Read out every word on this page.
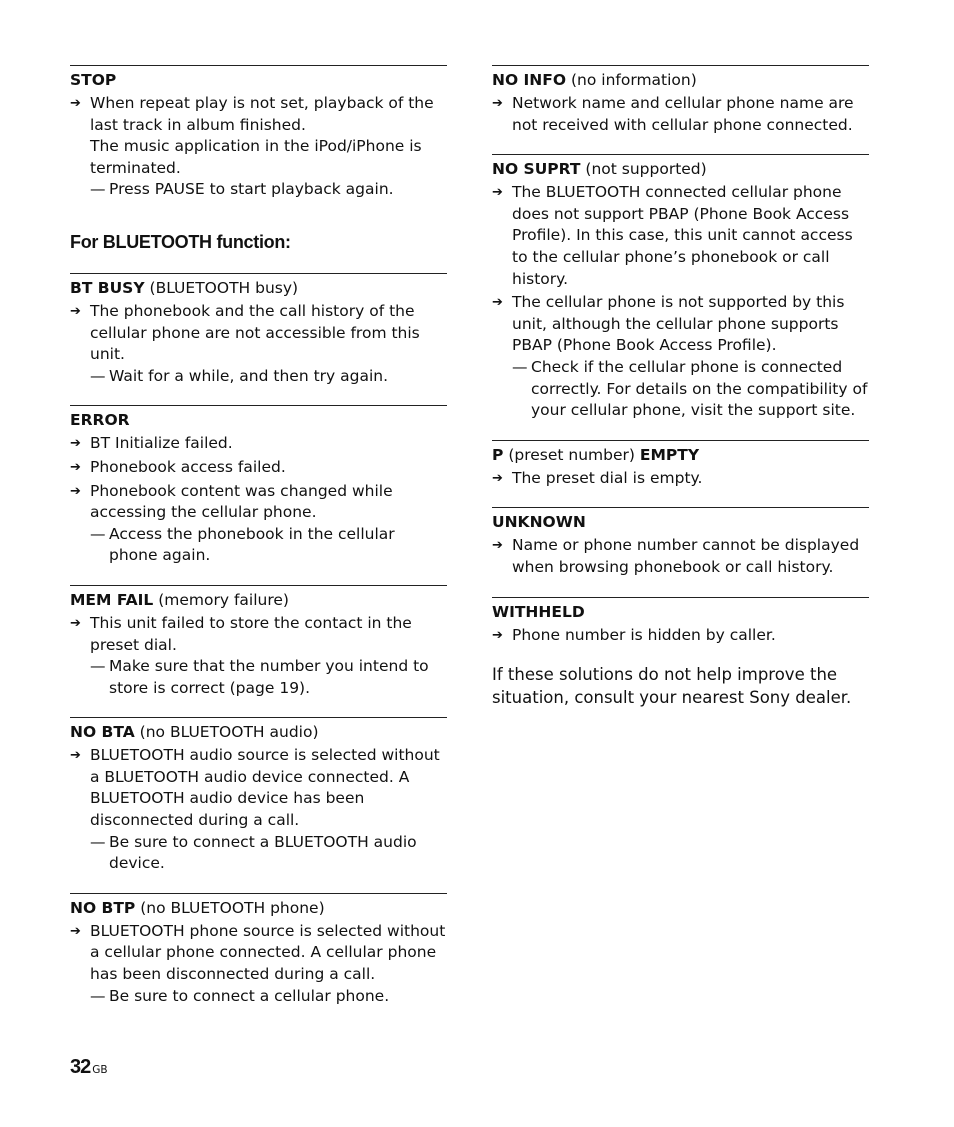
STOP
➔ When repeat play is not set, playback of the last track in album finished.
The music application in the iPod/iPhone is terminated.
— Press PAUSE to start playback again.
For BLUETOOTH function:
BT BUSY (BLUETOOTH busy)
➔ The phonebook and the call history of the cellular phone are not accessible from this unit.
— Wait for a while, and then try again.
ERROR
➔ BT Initialize failed.
➔ Phonebook access failed.
➔ Phonebook content was changed while accessing the cellular phone.
— Access the phonebook in the cellular phone again.
MEM FAIL (memory failure)
➔ This unit failed to store the contact in the preset dial.
— Make sure that the number you intend to store is correct (page 19).
NO BTA (no BLUETOOTH audio)
➔ BLUETOOTH audio source is selected without a BLUETOOTH audio device connected. A BLUETOOTH audio device has been disconnected during a call.
— Be sure to connect a BLUETOOTH audio device.
NO BTP (no BLUETOOTH phone)
➔ BLUETOOTH phone source is selected without a cellular phone connected. A cellular phone has been disconnected during a call.
— Be sure to connect a cellular phone.
NO INFO (no information)
➔ Network name and cellular phone name are not received with cellular phone connected.
NO SUPRT (not supported)
➔ The BLUETOOTH connected cellular phone does not support PBAP (Phone Book Access Profile). In this case, this unit cannot access to the cellular phone’s phonebook or call history.
➔ The cellular phone is not supported by this unit, although the cellular phone supports PBAP (Phone Book Access Profile).
— Check if the cellular phone is connected correctly. For details on the compatibility of your cellular phone, visit the support site.
P (preset number) EMPTY
➔ The preset dial is empty.
UNKNOWN
➔ Name or phone number cannot be displayed when browsing phonebook or call history.
WITHHELD
➔ Phone number is hidden by caller.
If these solutions do not help improve the situation, consult your nearest Sony dealer.
32 GB
